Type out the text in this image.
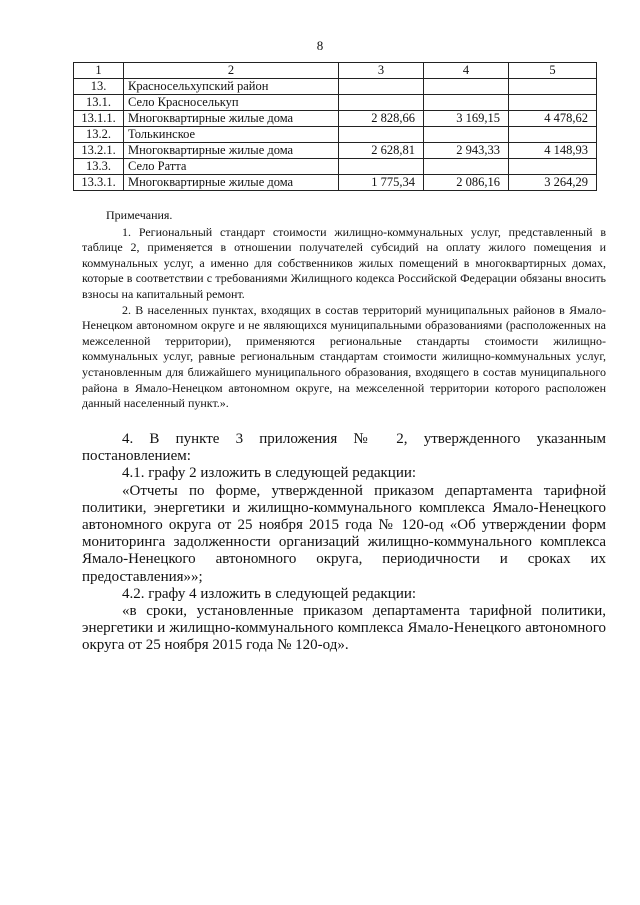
8
1	2	3	4	5
13.	Красносельхупский район			
13.1.	Село Красноселькуп			
13.1.1.	Многоквартирные жилые дома	2 828,66	3 169,15	4 478,62
13.2.	Толькинское			
13.2.1.	Многоквартирные жилые дома	2 628,81	2 943,33	4 148,93
13.3.	Село Ратта			
13.3.1.	Многоквартирные жилые дома	1 775,34	2 086,16	3 264,29

Примечания.

1. Региональный стандарт стоимости жилищно-коммунальных услуг, представленный в таблице 2, применяется в отношении получателей субсидий на оплату жилого помещения и коммунальных услуг, а именно для собственников жилых помещений в многоквартирных домах, которые в соответствии с требованиями Жилищного кодекса Российской Федерации обязаны вносить взносы на капитальный ремонт.

2. В населенных пунктах, входящих в состав территорий муниципальных районов в Ямало-Ненецком автономном округе и не являющихся муниципальными образованиями (расположенных на межселенной территории), применяются региональные стандарты стоимости жилищно-коммунальных услуг, равные региональным стандартам стоимости жилищно-коммунальных услуг, установленным для ближайшего муниципального образования, входящего в состав муниципального района в Ямало-Ненецком автономном округе, на межселенной территории которого расположен данный населенный пункт.».

4. В пункте 3 приложения № 2, утвержденного указанным постановлением:

4.1. графу 2 изложить в следующей редакции:

«Отчеты по форме, утвержденной приказом департамента тарифной политики, энергетики и жилищно-коммунального комплекса Ямало-Ненецкого автономного округа от 25 ноября 2015 года № 120-од «Об утверждении форм мониторинга задолженности организаций жилищно-коммунального комплекса Ямало-Ненецкого автономного округа, периодичности и сроках их предоставления»»;

4.2. графу 4 изложить в следующей редакции:

«в сроки, установленные приказом департамента тарифной политики, энергетики и жилищно-коммунального комплекса Ямало-Ненецкого автономного округа от 25 ноября 2015 года № 120-од».
